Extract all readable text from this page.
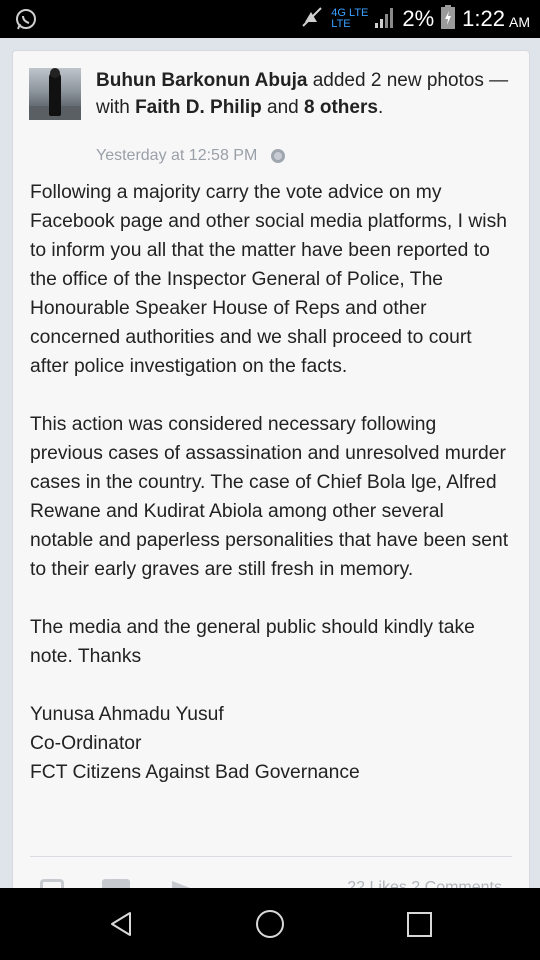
4G LTE
LTE	2% 1:22 AM
Buhun Barkonun Abuja added 2 new photos — with Faith D. Philip and 8 others.
Yesterday at 12:58 PM

Following a majority carry the vote advice on my Facebook page and other social media platforms, I wish to inform you all that the matter have been reported to the office of the Inspector General of Police, The Honourable Speaker House of Reps and other concerned authorities and we shall proceed to court after police investigation on the facts.

This action was considered necessary following previous cases of assassination and unresolved murder cases in the country. The case of Chief Bola lge, Alfred Rewane and Kudirat Abiola among other several notable and paperless personalities that have been sent to their early graves are still fresh in memory.

The media and the general public should kindly take note. Thanks

Yunusa Ahmadu Yusuf
Co-Ordinator
FCT Citizens Against Bad Governance
